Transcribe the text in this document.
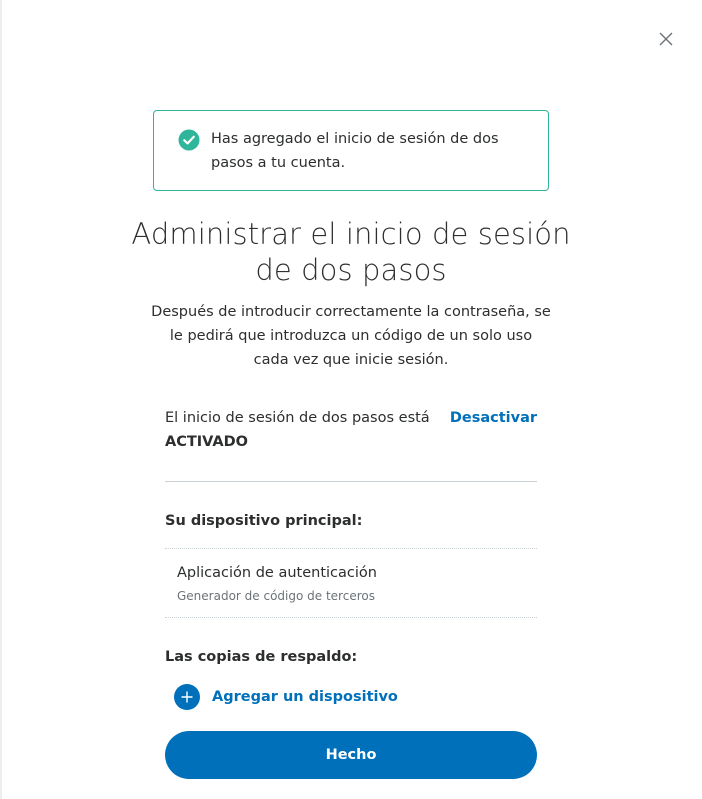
Has agregado el inicio de sesión de dos pasos a tu cuenta.

Administrar el inicio de sesión de dos pasos

Después de introducir correctamente la contraseña, se le pedirá que introduzca un código de un solo uso cada vez que inicie sesión.

El inicio de sesión de dos pasos está
ACTIVADO
Desactivar
Su dispositivo principal:
Aplicación de autenticación
Generador de código de terceros
Las copias de respaldo:
Agregar un dispositivo
Hecho
